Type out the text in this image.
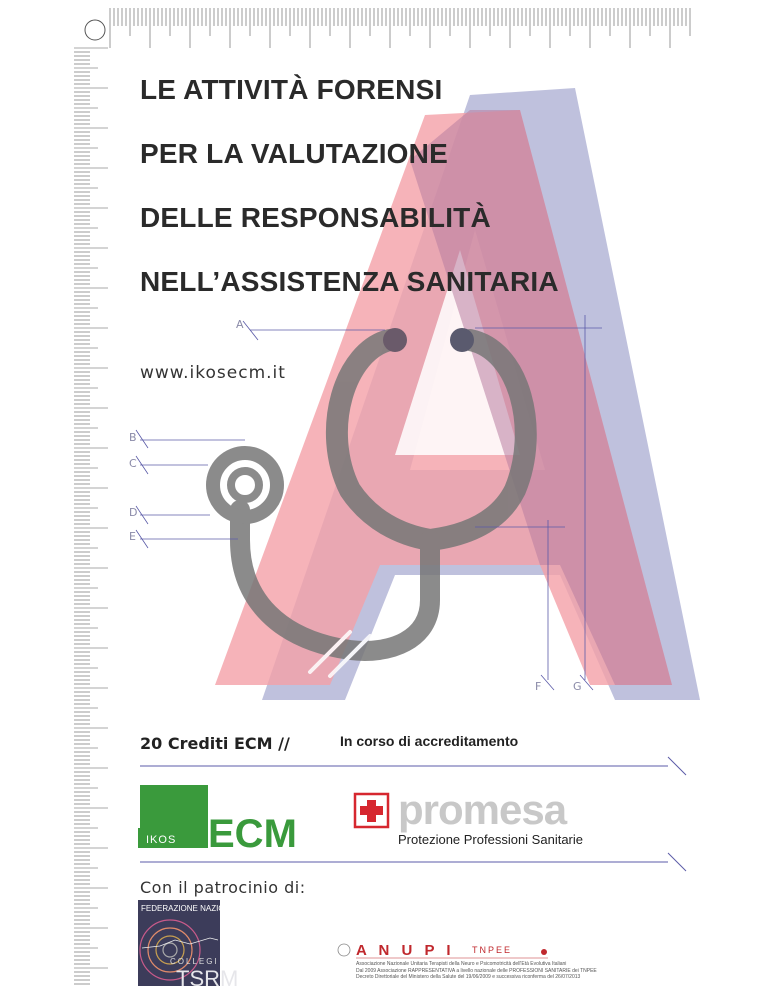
LE ATTIVITÀ FORENSI
PER LA VALUTAZIONE
DELLE RESPONSABILITÀ
NELL’ASSISTENZA SANITARIA
www.ikosecm.it
A
B
C
D
E
F	G
20 Crediti ECM //	In corso di accreditamento
ECM
IKOS
promesa
Protezione Professioni Sanitarie
Con il patrocinio di:
FEDERAZIONE NAZIONALE
COLLEGI
TSRM
A N U P I TNPEE
Associazione Nazionale Unitaria Terapisti della Neuro e Psicomotricità dell'Età Evolutiva Italiani
Dal 2009 Associazione RAPPRESENTATIVA a livello nazionale delle PROFESSIONI SANITARIE dei TNPEE
Decreto Direttoriale del Ministero della Salute del 19/06/2009 e successiva riconferma del 26/07/2013
